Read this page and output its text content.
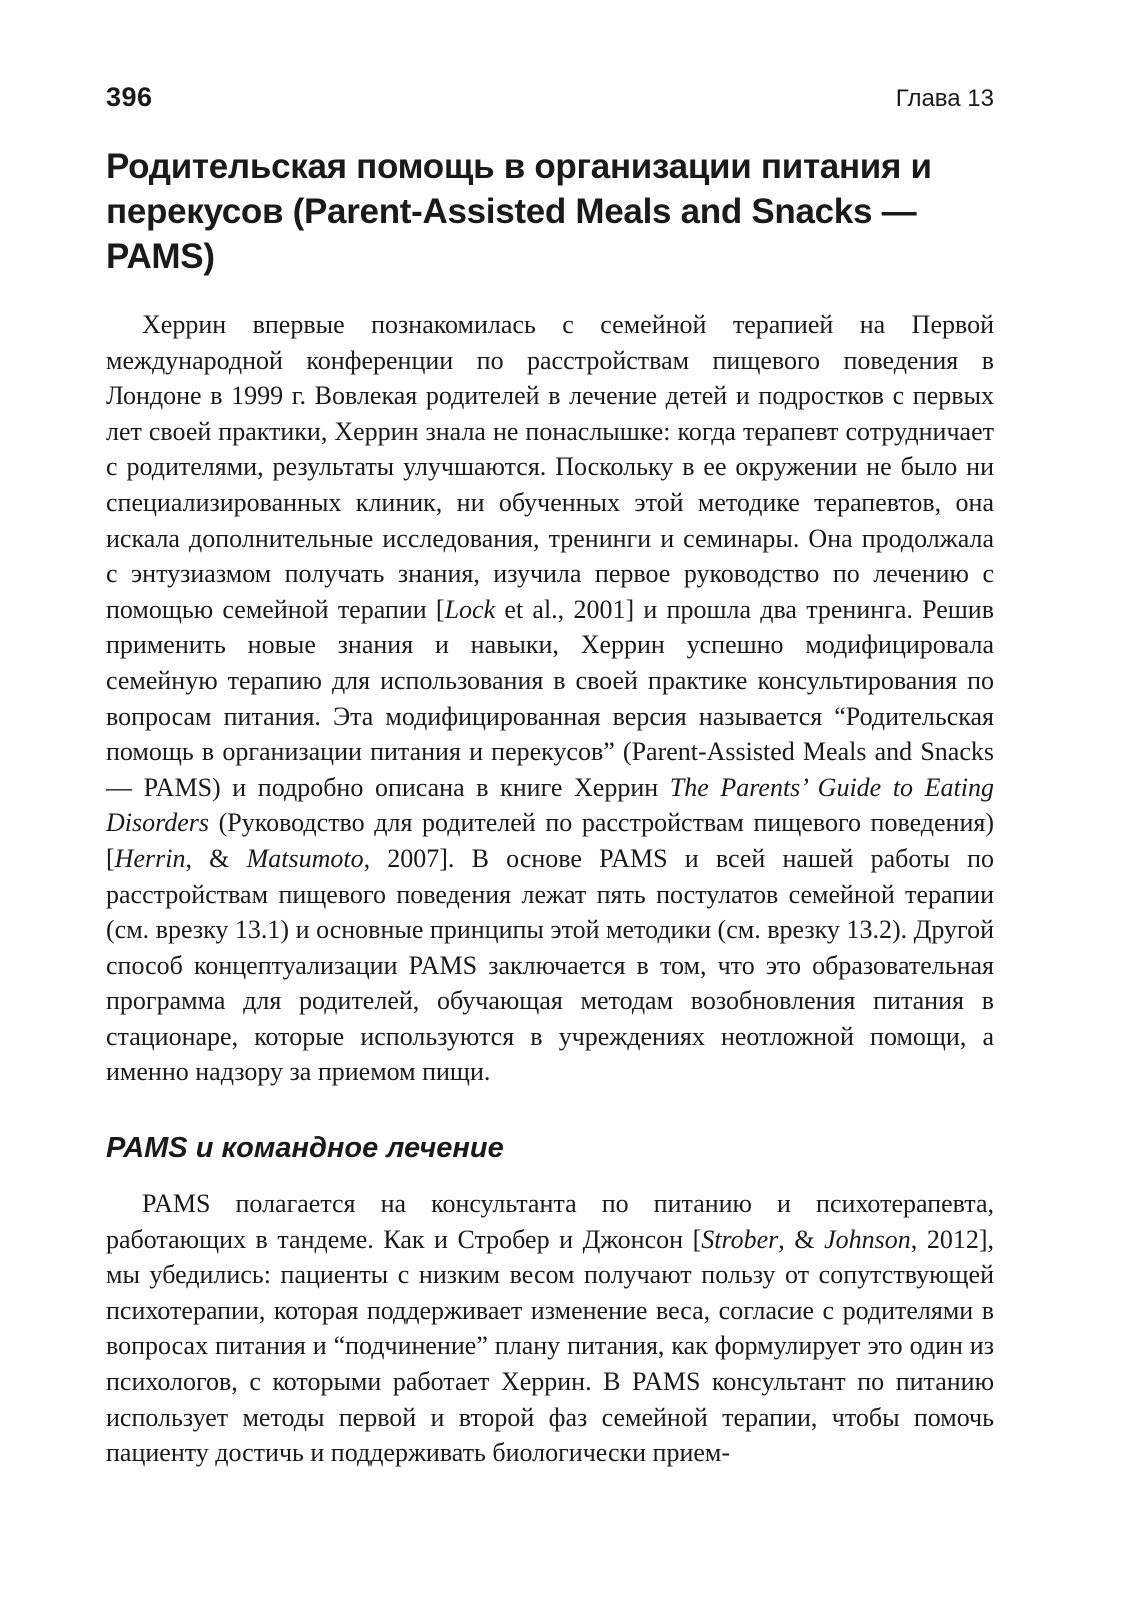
396	Глава 13
Родительская помощь в организации питания и перекусов (Parent-Assisted Meals and Snacks — PAMS)

Херрин впервые познакомилась с семейной терапией на Первой международной конференции по расстройствам пищевого поведения в Лондоне в 1999 г. Вовлекая родителей в лечение детей и подростков с первых лет своей практики, Херрин знала не понаслышке: когда терапевт сотрудничает с родителями, результаты улучшаются. Поскольку в ее окружении не было ни специализированных клиник, ни обученных этой методике терапевтов, она искала дополнительные исследования, тренинги и семинары. Она продолжала с энтузиазмом получать знания, изучила первое руководство по лечению с помощью семейной терапии [Lock et al., 2001] и прошла два тренинга. Решив применить новые знания и навыки, Херрин успешно модифицировала семейную терапию для использования в своей практике консультирования по вопросам питания. Эта модифицированная версия называется “Родительская помощь в организации питания и перекусов” (Parent-Assisted Meals and Snacks — PAMS) и подробно описана в книге Херрин The Parents’ Guide to Eating Disorders (Руководство для родителей по расстройствам пищевого поведения) [Herrin, & Matsumoto, 2007]. В основе PAMS и всей нашей работы по расстройствам пищевого поведения лежат пять постулатов семейной терапии (см. врезку 13.1) и основные принципы этой методики (см. врезку 13.2). Другой способ концептуализации PAMS заключается в том, что это образовательная программа для родителей, обучающая методам возобновления питания в стационаре, которые используются в учреждениях неотложной помощи, а именно надзору за приемом пищи.

PAMS и командное лечение

PAMS полагается на консультанта по питанию и психотерапевта, работающих в тандеме. Как и Стробер и Джонсон [Strober, & Johnson, 2012], мы убедились: пациенты с низким весом получают пользу от сопутствующей психотерапии, которая поддерживает изменение веса, согласие с родителями в вопросах питания и “подчинение” плану питания, как формулирует это один из психологов, с которыми работает Херрин. В PAMS консультант по питанию использует методы первой и второй фаз семейной терапии, чтобы помочь пациенту достичь и поддерживать биологически прием-
